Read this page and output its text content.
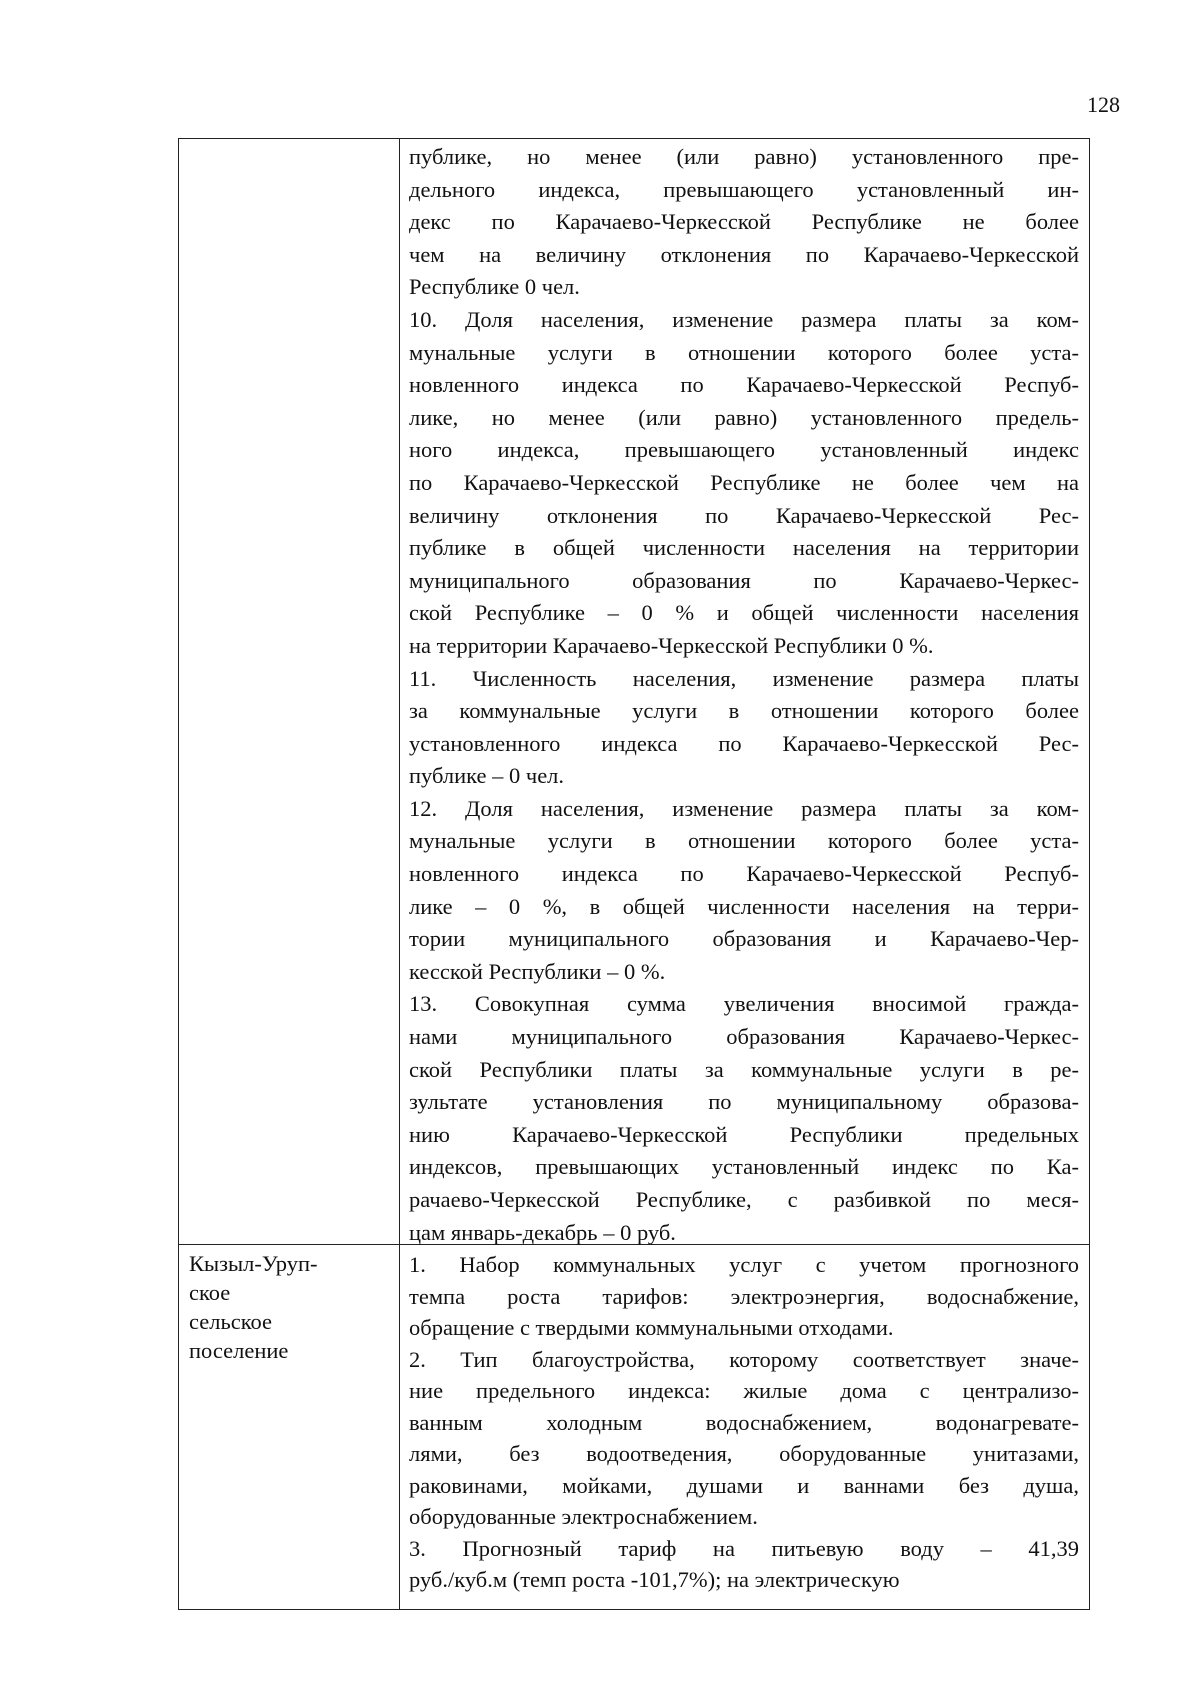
128

публике, но менее (или равно) установленного пре-

дельного индекса, превышающего установленный ин-

декс по Карачаево-Черкесской Республике не более

чем на величину отклонения по Карачаево-Черкесской

Республике 0 чел.

10. Доля населения, изменение размера платы за ком-

мунальные услуги в отношении которого более уста-

новленного индекса по Карачаево-Черкесской Респуб-

лике, но менее (или равно) установленного предель-

ного индекса, превышающего установленный индекс

по Карачаево-Черкесской Республике не более чем на

величину отклонения по Карачаево-Черкесской Рес-

публике в общей численности населения на территории

муниципального образования по Карачаево-Черкес-

ской Республике – 0 % и общей численности населения

на территории Карачаево-Черкесской Республики 0 %.

11. Численность населения, изменение размера платы

за коммунальные услуги в отношении которого более

установленного индекса по Карачаево-Черкесской Рес-

публике – 0 чел.

12. Доля населения, изменение размера платы за ком-

мунальные услуги в отношении которого более уста-

новленного индекса по Карачаево-Черкесской Респуб-

лике – 0 %, в общей численности населения на терри-

тории муниципального образования и Карачаево-Чер-

кесской Республики – 0 %.

13. Совокупная сумма увеличения вносимой гражда-

нами муниципального образования Карачаево-Черкес-

ской Республики платы за коммунальные услуги в ре-

зультате установления по муниципальному образова-

нию Карачаево-Черкесской Республики предельных

индексов, превышающих установленный индекс по Ка-

рачаево-Черкесской Республике, с разбивкой по меся-

цам январь-декабрь – 0 руб.

Кызыл-Уруп-
ское
сельское
поселение

1. Набор коммунальных услуг с учетом прогнозного

темпа роста тарифов: электроэнергия, водоснабжение,

обращение с твердыми коммунальными отходами.

2. Тип благоустройства, которому соответствует значе-

ние предельного индекса: жилые дома с централизо-

ванным холодным водоснабжением, водонагревате-

лями, без водоотведения, оборудованные унитазами,

раковинами, мойками, душами и ваннами без душа,

оборудованные электроснабжением.

3. Прогнозный тариф на питьевую воду – 41,39

руб./куб.м (темп роста -101,7%); на электрическую
